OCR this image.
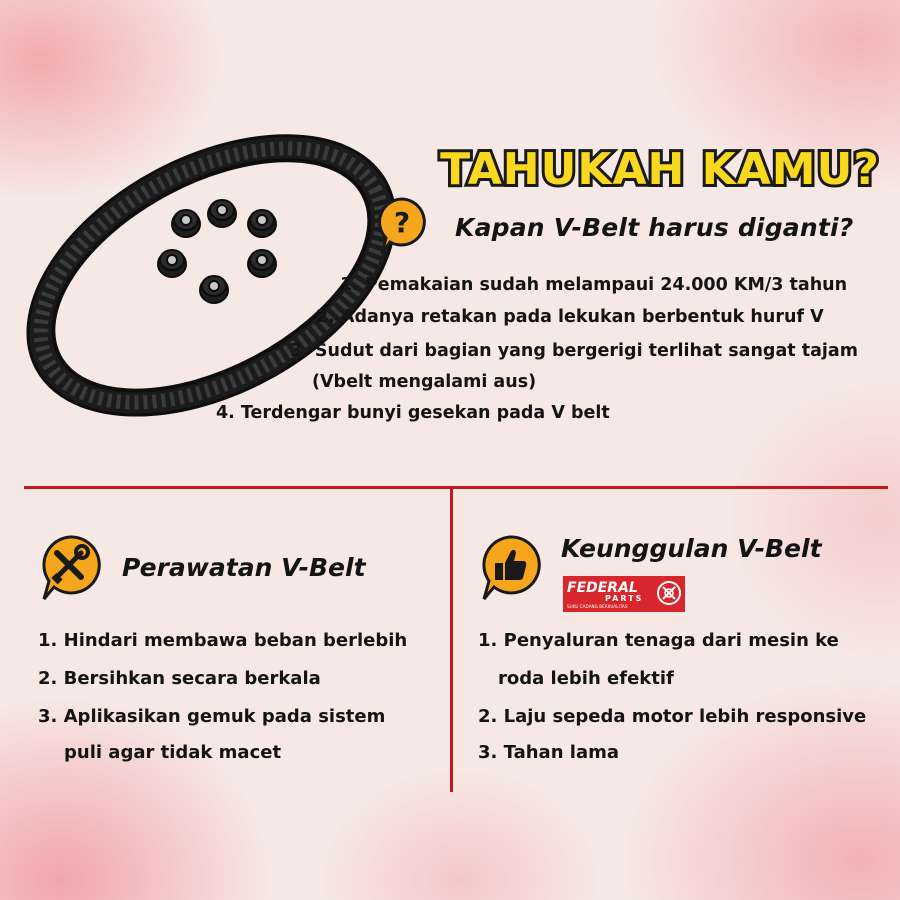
TAHUKAH KAMU?
? Kapan V-Belt harus diganti?
1. Pemakaian sudah melampaui 24.000 KM/3 tahun
2. Adanya retakan pada lekukan berbentuk huruf V
3. Sudut dari bagian yang bergerigi terlihat sangat tajam
(Vbelt mengalami aus)
4. Terdengar bunyi gesekan pada V belt
Perawatan V-Belt
1. Hindari membawa beban berlebih
2. Bersihkan secara berkala
3. Aplikasikan gemuk pada sistem
puli agar tidak macet
Keunggulan V-Belt
FEDERAL
PARTS
SUKU CADANG BERKUALITAS
1. Penyaluran tenaga dari mesin ke
roda lebih efektif
2. Laju sepeda motor lebih responsive
3. Tahan lama
